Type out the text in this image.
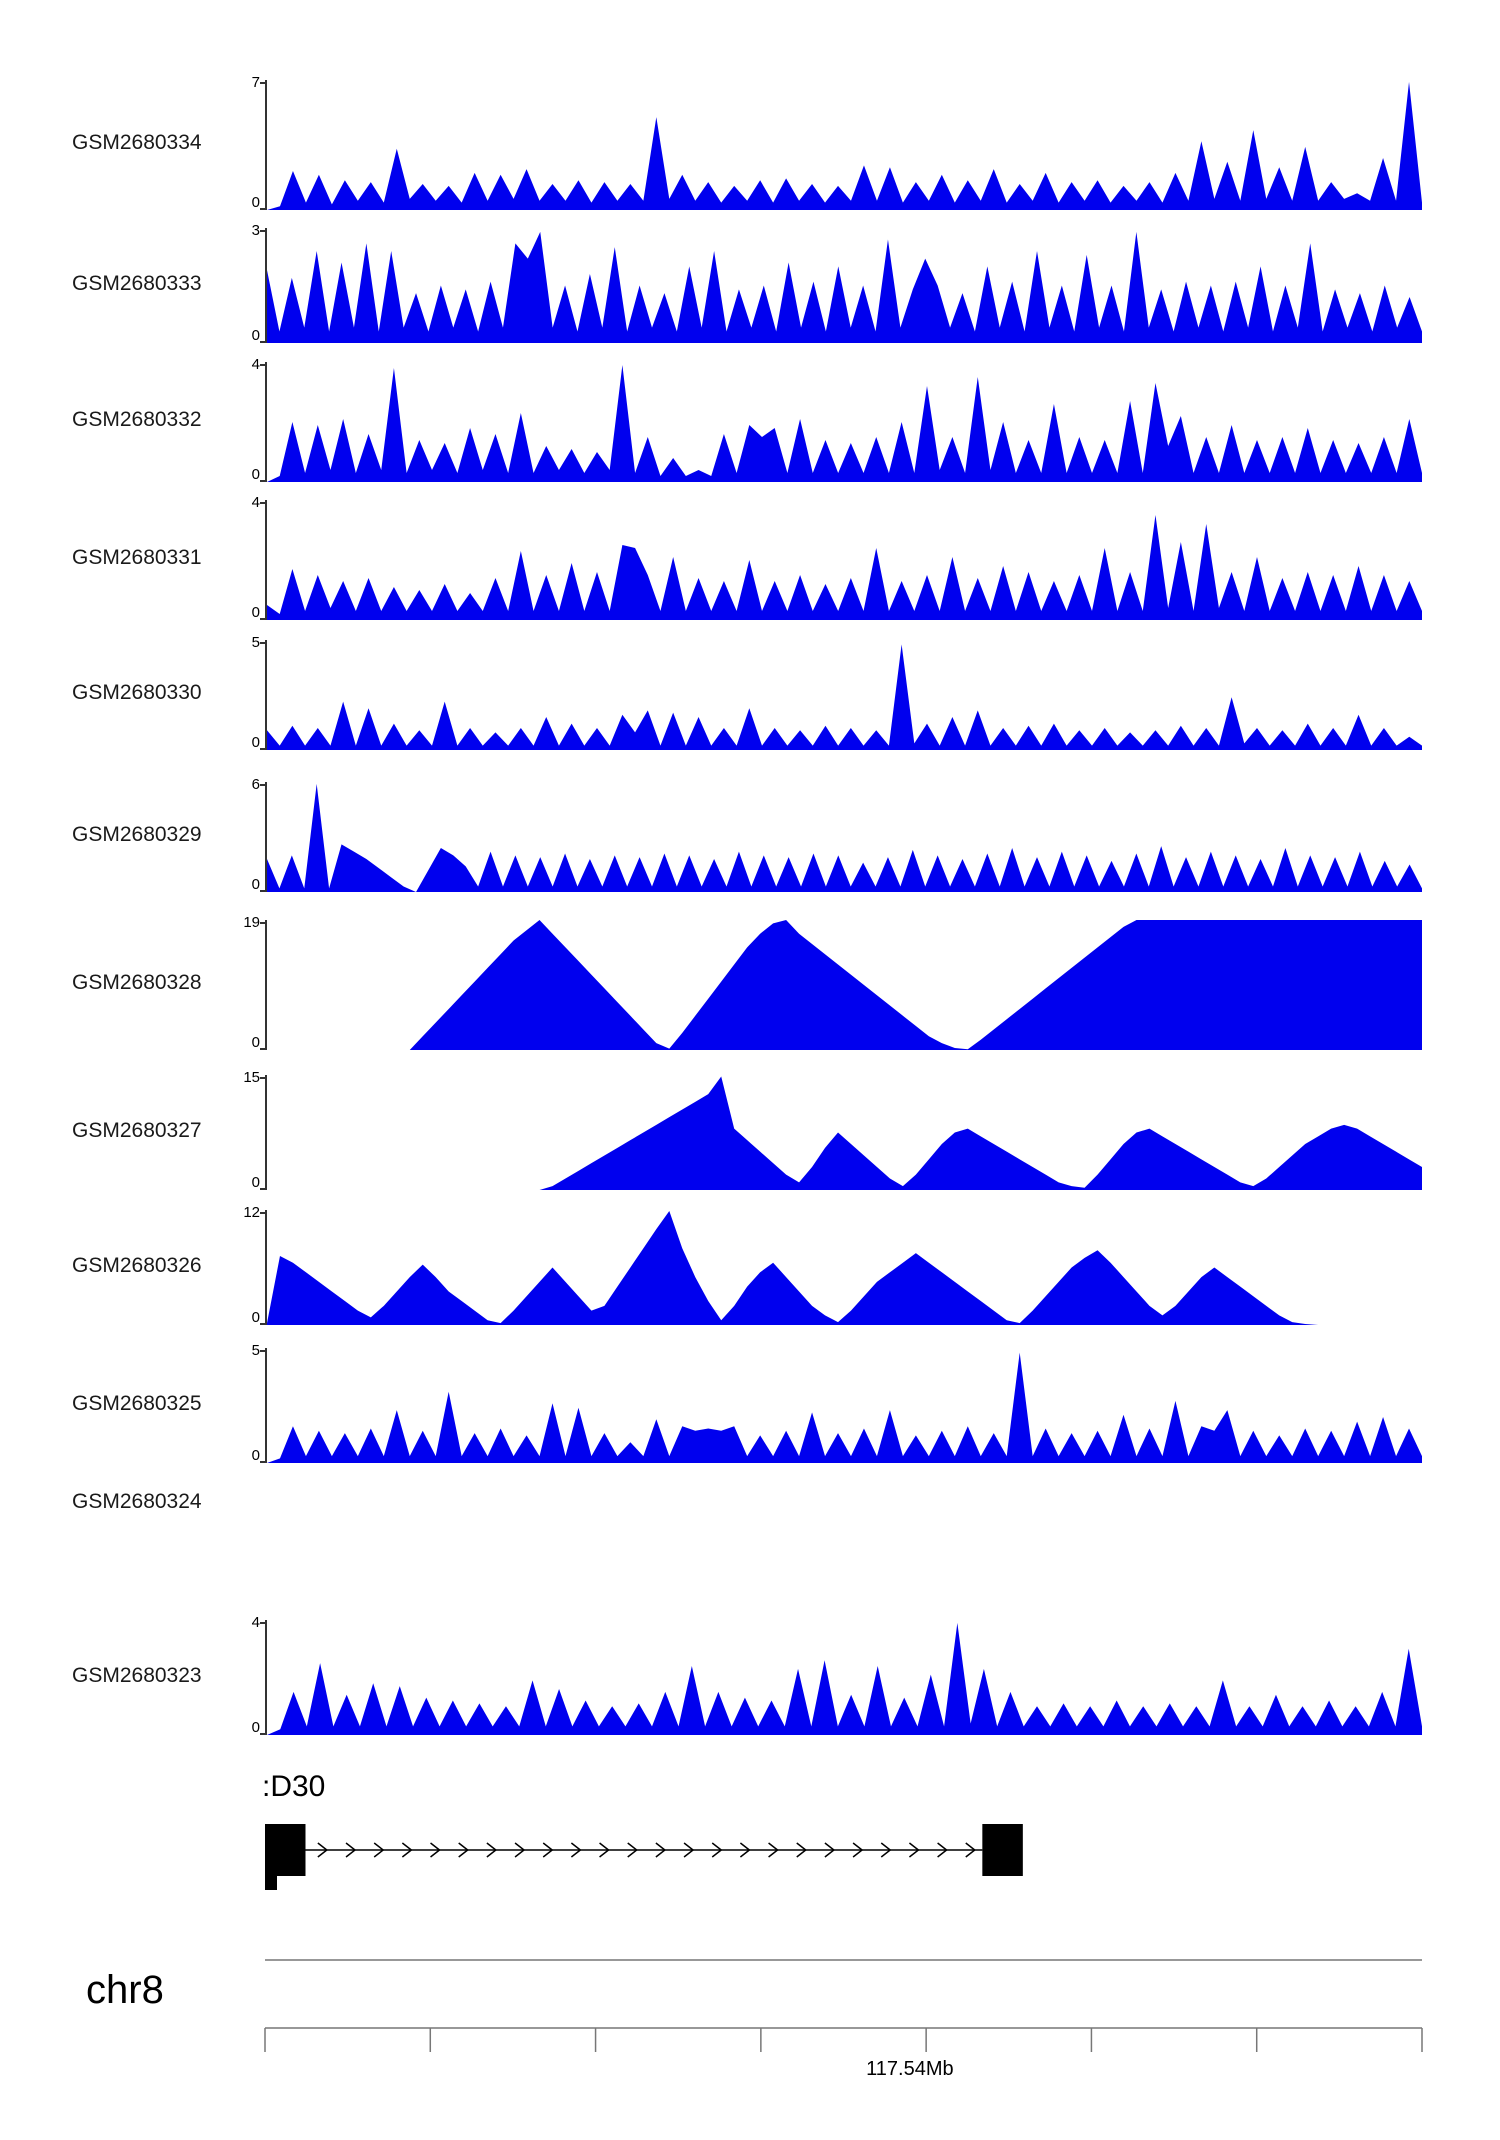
GSM2680334
7
0
GSM2680333
3
0
GSM2680332
4
0
GSM2680331
4
0
GSM2680330
5
0
GSM2680329
6
0
GSM2680328
19
0
GSM2680327
15
0
GSM2680326
12
0
GSM2680325
5
0
GSM2680324
GSM2680323
4
0
:D30
chr8
117.54Mb
